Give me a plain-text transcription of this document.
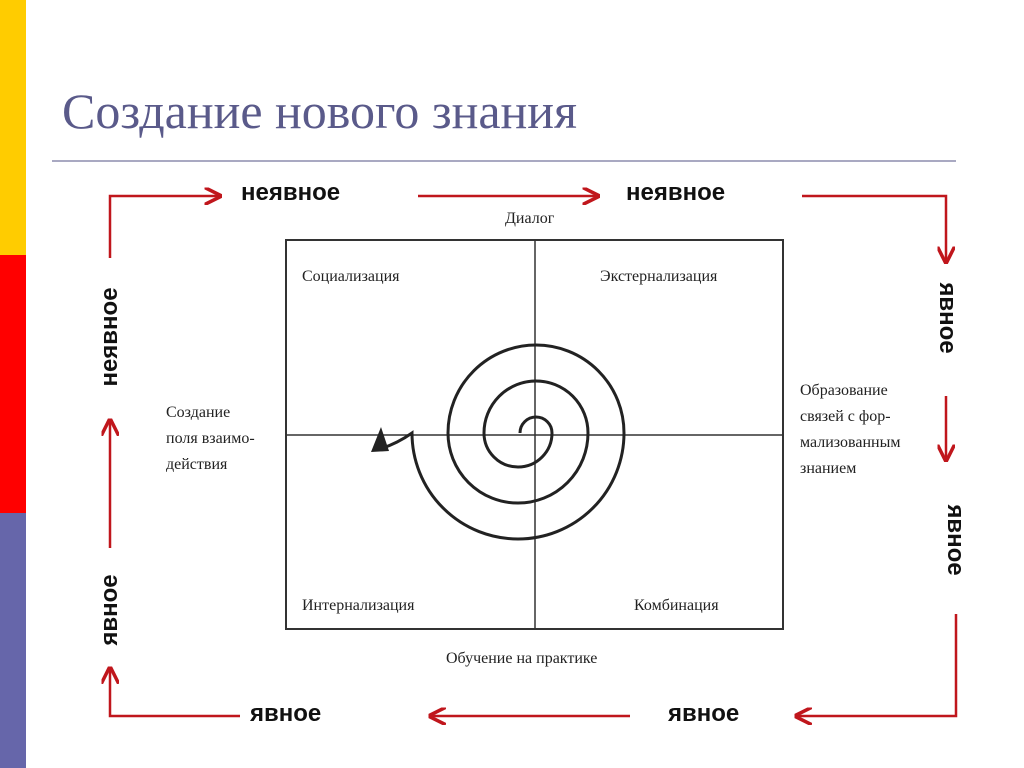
Создание нового знания
неявное	неявное
явное	явное
неявное
явное
явное
явное
Диалог
Обучение на практике
Социализация	Экстернализация
Интернализация	Комбинация
Создание
поля взаимо-
действия
Образование
связей с фор-
мализованным
знанием
